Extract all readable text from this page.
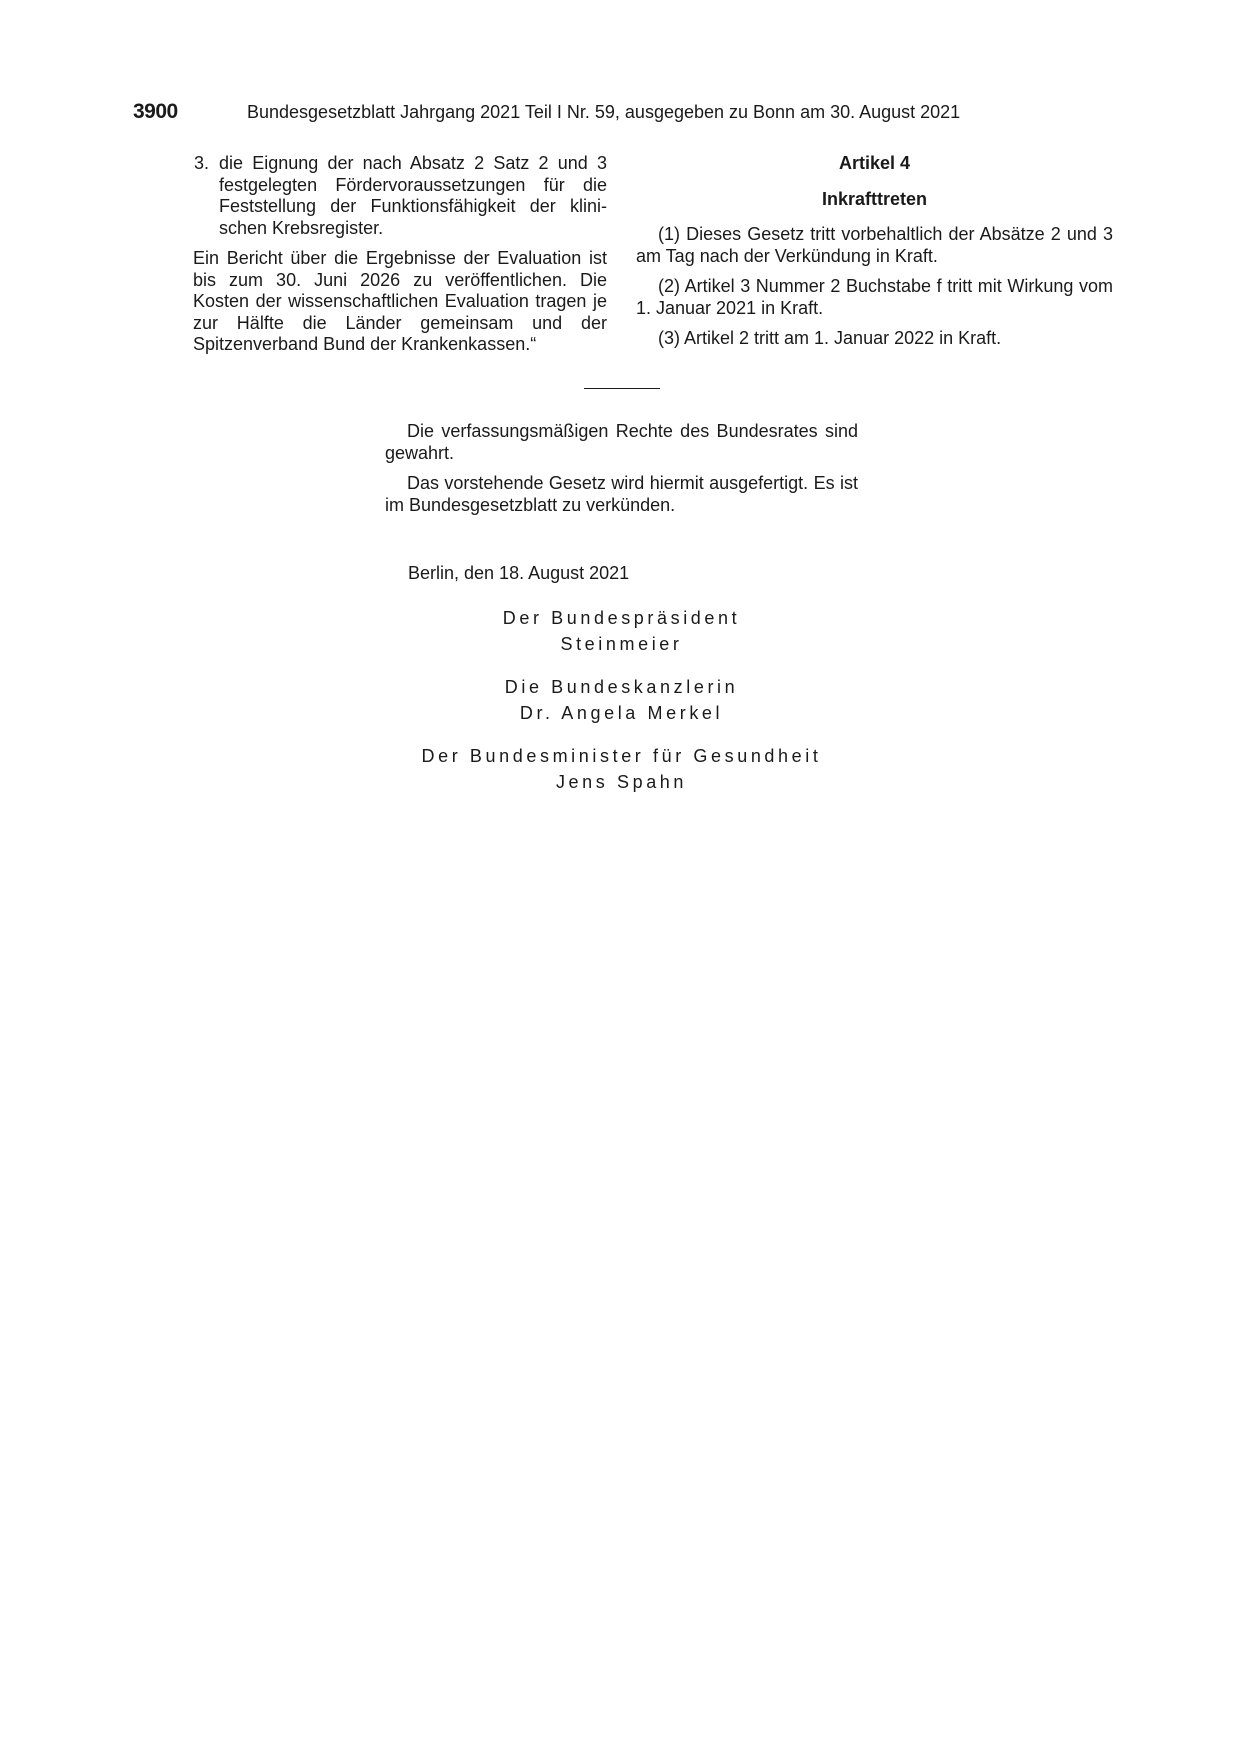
3900	Bundesgesetzblatt Jahrgang 2021 Teil I Nr. 59, ausgegeben zu Bonn am 30. August 2021
3. die Eignung der nach Absatz 2 Satz 2 und 3 festgelegten Fördervoraussetzungen für die Feststellung der Funktionsfähigkeit der klinischen Krebsregister.

Ein Bericht über die Ergebnisse der Evaluation ist bis zum 30. Juni 2026 zu veröffentlichen. Die Kosten der wissenschaftlichen Evaluation tragen je zur Hälfte die Länder gemeinsam und der Spitzenverband Bund der Krankenkassen.“

Artikel 4
Inkrafttreten

(1) Dieses Gesetz tritt vorbehaltlich der Absätze 2 und 3 am Tag nach der Verkündung in Kraft.

(2) Artikel 3 Nummer 2 Buchstabe f tritt mit Wirkung vom 1. Januar 2021 in Kraft.

(3) Artikel 2 tritt am 1. Januar 2022 in Kraft.

Die verfassungsmäßigen Rechte des Bundesrates sind gewahrt.

Das vorstehende Gesetz wird hiermit ausgefertigt. Es ist im Bundesgesetzblatt zu verkünden.

Berlin, den 18. August 2021
Der Bundespräsident
Steinmeier
Die Bundeskanzlerin
Dr. Angela Merkel
Der Bundesminister für Gesundheit
Jens Spahn
